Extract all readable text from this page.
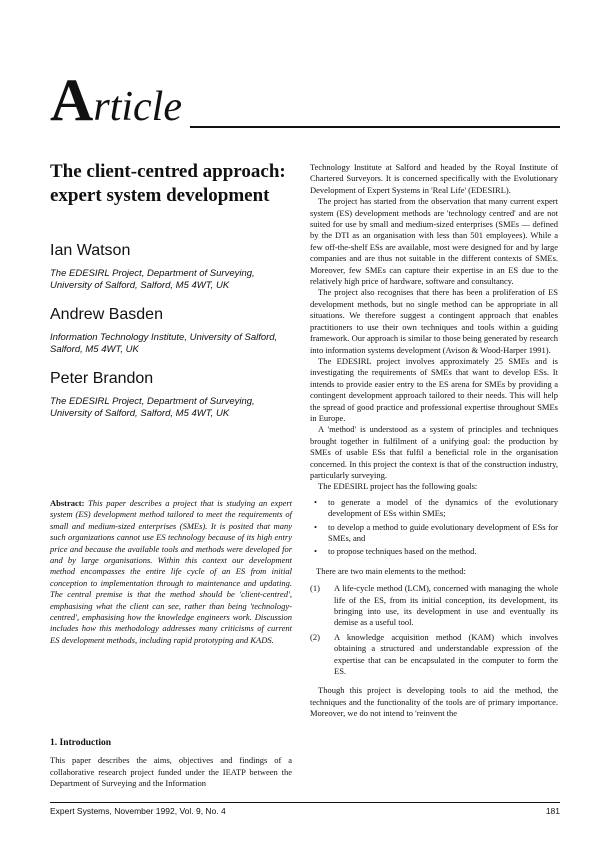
Article
The client-centred approach: expert system development
Ian Watson
The EDESIRL Project, Department of Surveying, University of Salford, Salford, M5 4WT, UK
Andrew Basden
Information Technology Institute, University of Salford, Salford, M5 4WT, UK
Peter Brandon
The EDESIRL Project, Department of Surveying, University of Salford, Salford, M5 4WT, UK
Abstract: This paper describes a project that is studying an expert system (ES) development method tailored to meet the requirements of small and medium-sized enterprises (SMEs). It is posited that many such organizations cannot use ES technology because of its high entry price and because the available tools and methods were developed for and by large organisations. Within this context our development method encompasses the entire life cycle of an ES from initial conception to implementation through to maintenance and updating. The central premise is that the method should be 'client-centred', emphasising what the client can see, rather than being 'technology-centred', emphasising how the knowledge engineers work. Discussion includes how this methodology addresses many criticisms of current ES development methods, including rapid prototyping and KADS.
1. Introduction
This paper describes the aims, objectives and findings of a collaborative research project funded under the IEATP between the Department of Surveying and the Information

Technology Institute at Salford and headed by the Royal Institute of Chartered Surveyors. It is concerned specifically with the Evolutionary Development of Expert Systems in 'Real Life' (EDESIRL).

The project has started from the observation that many current expert system (ES) development methods are 'technology centred' and are not suited for use by small and medium-sized enterprises (SMEs — defined by the DTI as an organisation with less than 501 employees). While a few off-the-shelf ESs are available, most were designed for and by large companies and are thus not suitable in the different contexts of SMEs. Moreover, few SMEs can capture their expertise in an ES due to the relatively high price of hardware, software and consultancy.

The project also recognises that there has been a proliferation of ES development methods, but no single method can be appropriate in all situations. We therefore suggest a contingent approach that enables practitioners to use their own techniques and tools within a guiding framework. Our approach is similar to those being generated by research into information systems development (Avison & Wood-Harper 1991).

The EDESIRL project involves approximately 25 SMEs and is investigating the requirements of SMEs that want to develop ESs. It intends to provide easier entry to the ES arena for SMEs by providing a contingent development approach tailored to their needs. This will help the spread of good practice and professional expertise throughout SMEs in Europe.

A 'method' is understood as a system of principles and techniques brought together in fulfilment of a unifying goal: the production by SMEs of usable ESs that fulfil a beneficial role in the organisation concerned. In this project the context is that of the construction industry, particularly surveying.

The EDESIRL project has the following goals:

• to generate a model of the dynamics of the evolutionary development of ESs within SMEs;
• to develop a method to guide evolutionary development of ESs for SMEs, and
• to propose techniques based on the method.

There are two main elements to the method:

(1) A life-cycle method (LCM), concerned with managing the whole life of the ES, from its initial conception, its development, its bringing into use, its development in use and eventually its demise as a useful tool.
(2) A knowledge acquisition method (KAM) which involves obtaining a structured and understandable expression of the expertise that can be encapsulated in the computer to form the ES.

Though this project is developing tools to aid the method, the techniques and the functionality of the tools are of primary importance. Moreover, we do not intend to 'reinvent the

Expert Systems, November 1992, Vol. 9, No. 4	181
